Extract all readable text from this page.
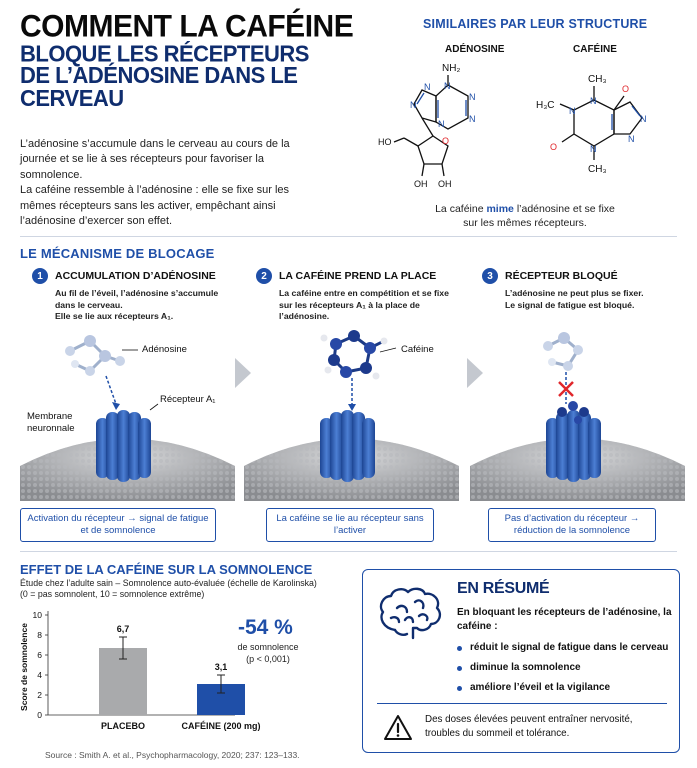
COMMENT LA CAFÉINE
BLOQUE LES RÉCEPTEURS
DE L’ADÉNOSINE DANS LE CERVEAU

L’adénosine s’accumule dans le cerveau au cours de la journée et se lie à ses récepteurs pour favoriser la somnolence.

La caféine ressemble à l’adénosine : elle se fixe sur les mêmes récepteurs sans les activer, empêchant ainsi l’adénosine d’exercer son effet.

SIMILAIRES PAR LEUR STRUCTURE
ADÉNOSINE	CAFÉINE
NH₂
N
N
N
N
N
N
O
HO
OH OH
CH₃
H₃C
CH₃
O
O
N
N
N
N
N
La caféine mime l’adénosine et se fixe sur les mêmes récepteurs.
LE MÉCANISME DE BLOCAGE
1	ACCUMULATION D’ADÉNOSINE
Au fil de l’éveil, l’adénosine s’accumule dans le cerveau.
Elle se lie aux récepteurs A₁.
Adénosine
Récepteur A₁
Membrane
neuronnale
Activation du récepteur → signal de fatigue et de somnolence
2	LA CAFÉINE PREND LA PLACE
La caféine entre en compétition et se fixe sur les récepteurs A₁ à la place de l’adénosine.
Caféine
La caféine se lie au récepteur sans l’activer
3	RÉCEPTEUR BLOQUÉ
L’adénosine ne peut plus se fixer.
Le signal de fatigue est bloqué.
Pas d’activation du récepteur → réduction de la somnolence
EFFET DE LA CAFÉINE SUR LA SOMNOLENCE
Étude chez l’adulte sain – Somnolence auto-évaluée (échelle de Karolinska)
(0 = pas somnolent, 10 = somnolence extrême)
Score de somnolence
0
2
4
6
8
10
6,7
PLACEBO
3,1
CAFÉINE (200 mg)
-54 %
de somnolence
(p < 0,001)
Source : Smith A. et al., Psychopharmacology, 2020; 237: 123–133.
EN RÉSUMÉ
En bloquant les récepteurs de l’adénosine, la caféine :
réduit le signal de fatigue dans le cerveau
diminue la somnolence
améliore l’éveil et la vigilance
Des doses élevées peuvent entraîner nervosité, troubles du sommeil et tolérance.
